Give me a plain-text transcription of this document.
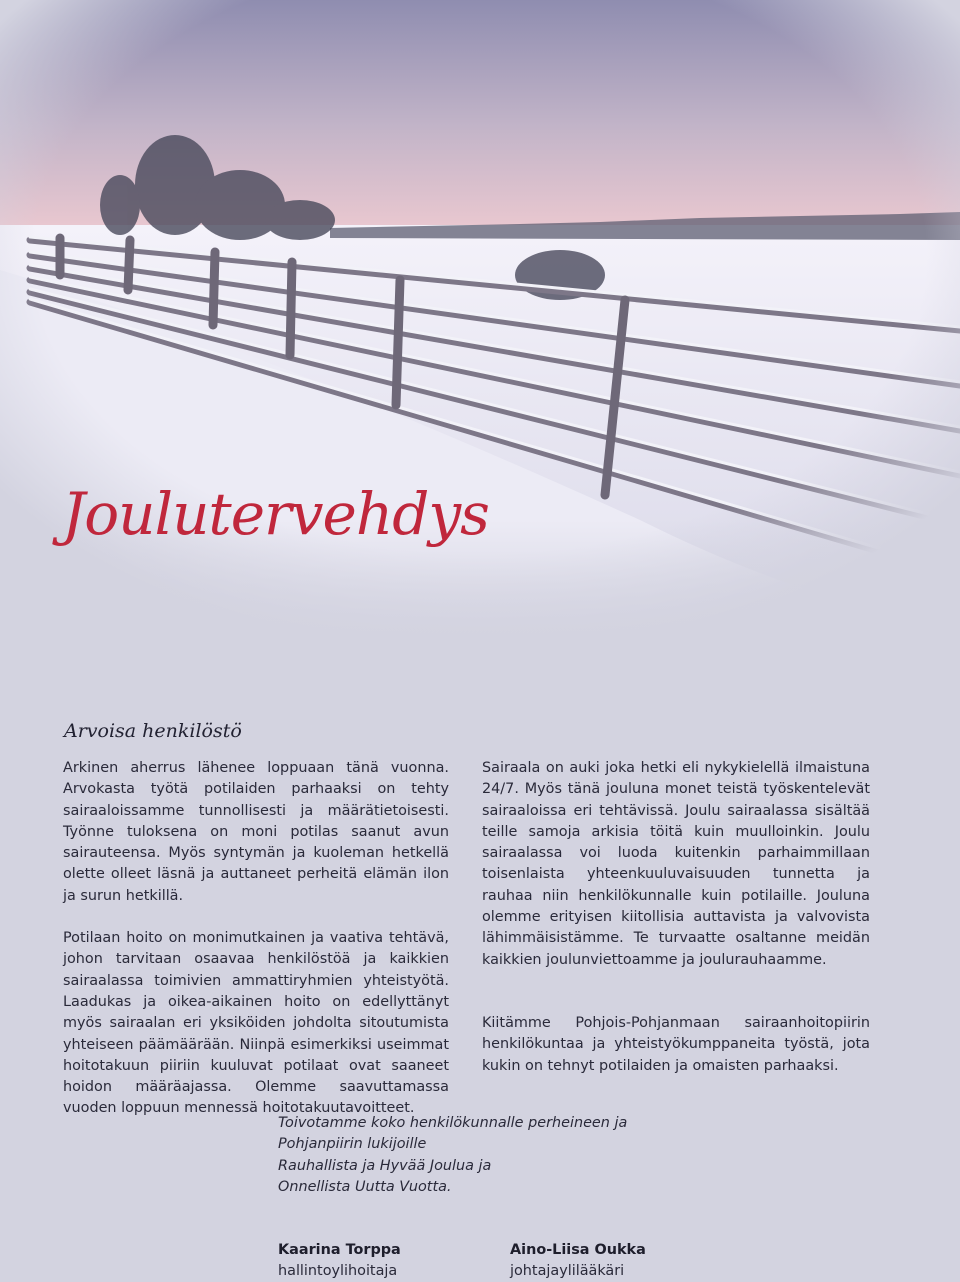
Joulutervehdys
Arvoisa henkilöstö

Arkinen aherrus lähenee loppuaan tänä vuonna. Arvokasta työtä potilaiden parhaaksi on tehty sairaaloissamme tunnollisesti ja määrätietoisesti. Työnne tuloksena on moni potilas saanut avun sairauteensa. Myös syntymän ja kuoleman hetkellä olette olleet läsnä ja auttaneet perheitä elämän ilon ja surun hetkillä.

Potilaan hoito on monimutkainen ja vaativa tehtävä, johon tarvitaan osaavaa henkilöstöä ja kaikkien sairaalassa toimivien ammattiryhmien yhteistyötä. Laadukas ja oikea-aikainen hoito on edellyttänyt myös sairaalan eri yksiköiden johdolta sitoutumista yhteiseen päämäärään. Niinpä esimerkiksi useimmat hoitotakuun piiriin kuuluvat potilaat ovat saaneet hoidon määräajassa. Olemme saavuttamassa vuoden loppuun mennessä hoitotakuutavoitteet.

Sairaala on auki joka hetki eli nykykielellä ilmaistuna 24/7. Myös tänä jouluna monet teistä työskentelevät sairaaloissa eri tehtävissä. Joulu sairaalassa sisältää teille samoja arkisia töitä kuin muulloinkin. Joulu sairaalassa voi luoda kuitenkin parhaimmillaan toisenlaista yhteenkuuluvaisuuden tunnetta ja rauhaa niin henkilökunnalle kuin potilaille. Jouluna olemme erityisen kiitollisia auttavista ja valvovista lähimmäisistämme. Te turvaatte osaltanne meidän kaikkien joulunviettoamme ja joulurauhaamme.

Kiitämme Pohjois-Pohjanmaan sairaanhoitopiirin henkilökuntaa ja yhteistyökumppaneita työstä, jota kukin on tehnyt potilaiden ja omaisten parhaaksi.

Toivotamme koko henkilökunnalle perheineen ja
Pohjanpiirin lukijoille
Rauhallista ja Hyvää Joulua ja
Onnellista Uutta Vuotta.
Kaarina Torppa
hallintoylihoitaja
Aino-Liisa Oukka
johtajaylilääkäri
